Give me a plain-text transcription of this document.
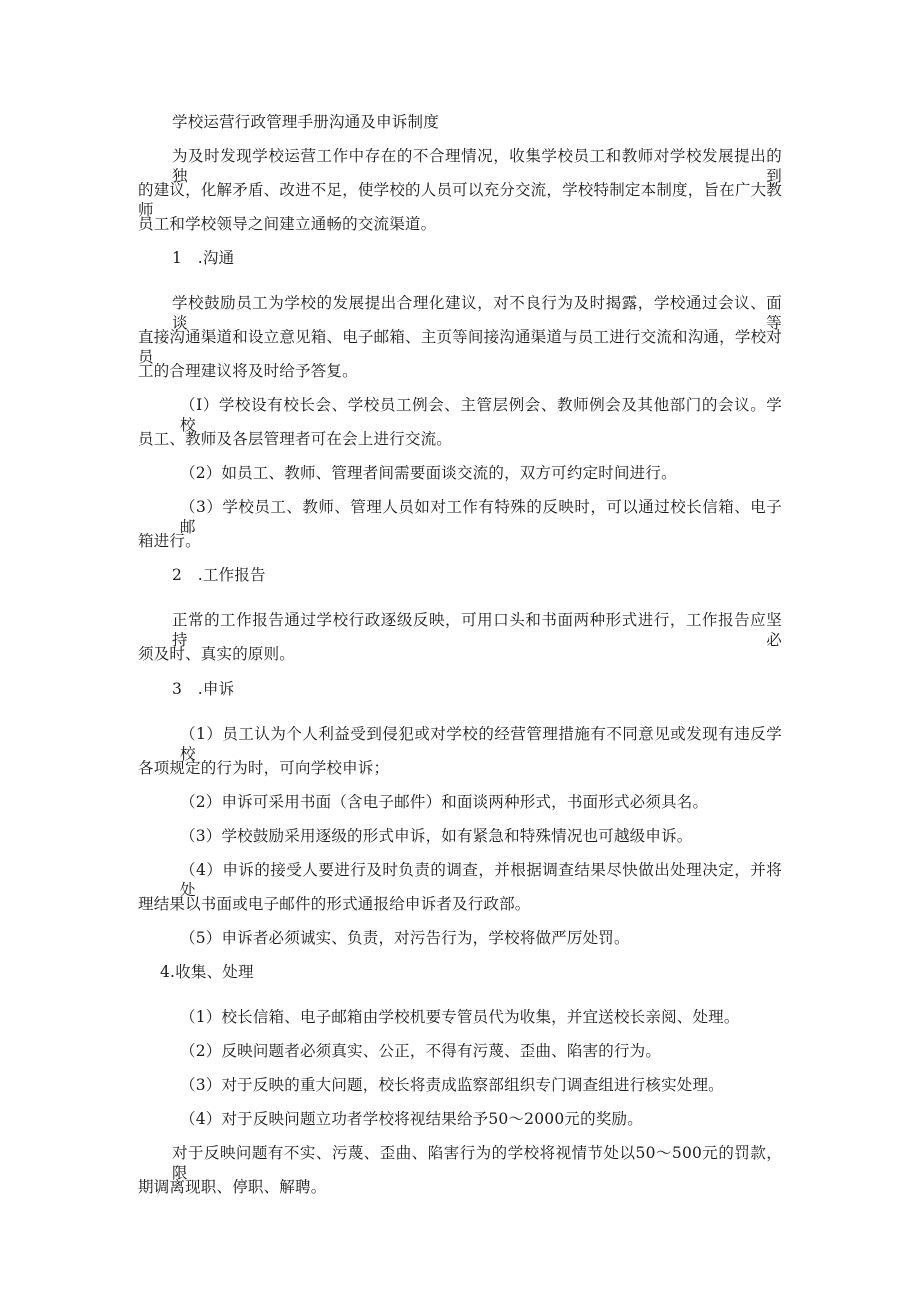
学校运营行政管理手册沟通及申诉制度
为及时发现学校运营工作中存在的不合理情况，收集学校员工和教师对学校发展提出的独到
的建议，化解矛盾、改进不足，使学校的人员可以充分交流，学校特制定本制度，旨在广大教师
员工和学校领导之间建立通畅的交流渠道。
1　.沟通
学校鼓励员工为学校的发展提出合理化建议，对不良行为及时揭露，学校通过会议、面谈等
直接沟通渠道和设立意见箱、电子邮箱、主页等间接沟通渠道与员工进行交流和沟通，学校对员
工的合理建议将及时给予答复。
（I）学校设有校长会、学校员工例会、主管层例会、教师例会及其他部门的会议。学校
员工、教师及各层管理者可在会上进行交流。
（2）如员工、教师、管理者间需要面谈交流的，双方可约定时间进行。
（3）学校员工、教师、管理人员如对工作有特殊的反映时，可以通过校长信箱、电子邮
箱进行。
2　.工作报告
正常的工作报告通过学校行政逐级反映，可用口头和书面两种形式进行，工作报告应坚持必
须及时、真实的原则。
3　.申诉
（1）员工认为个人利益受到侵犯或对学校的经营管理措施有不同意见或发现有违反学校
各项规定的行为时，可向学校申诉；
（2）申诉可采用书面（含电子邮件）和面谈两种形式，书面形式必须具名。
（3）学校鼓励采用逐级的形式申诉，如有紧急和特殊情况也可越级申诉。
（4）申诉的接受人要进行及时负责的调查，并根据调查结果尽快做出处理决定，并将处
理结果以书面或电子邮件的形式通报给申诉者及行政部。
（5）申诉者必须诚实、负责，对污告行为，学校将做严厉处罚。
4.收集、处理
（1）校长信箱、电子邮箱由学校机要专管员代为收集，并宜送校长亲阅、处理。
（2）反映问题者必须真实、公正，不得有污蔑、歪曲、陷害的行为。
（3）对于反映的重大问题，校长将责成监察部组织专门调查组进行核实处理。
（4）对于反映问题立功者学校将视结果给予50～2000元的奖励。
对于反映问题有不实、污蔑、歪曲、陷害行为的学校将视情节处以50～500元的罚款，限
期调离现职、停职、解聘。
